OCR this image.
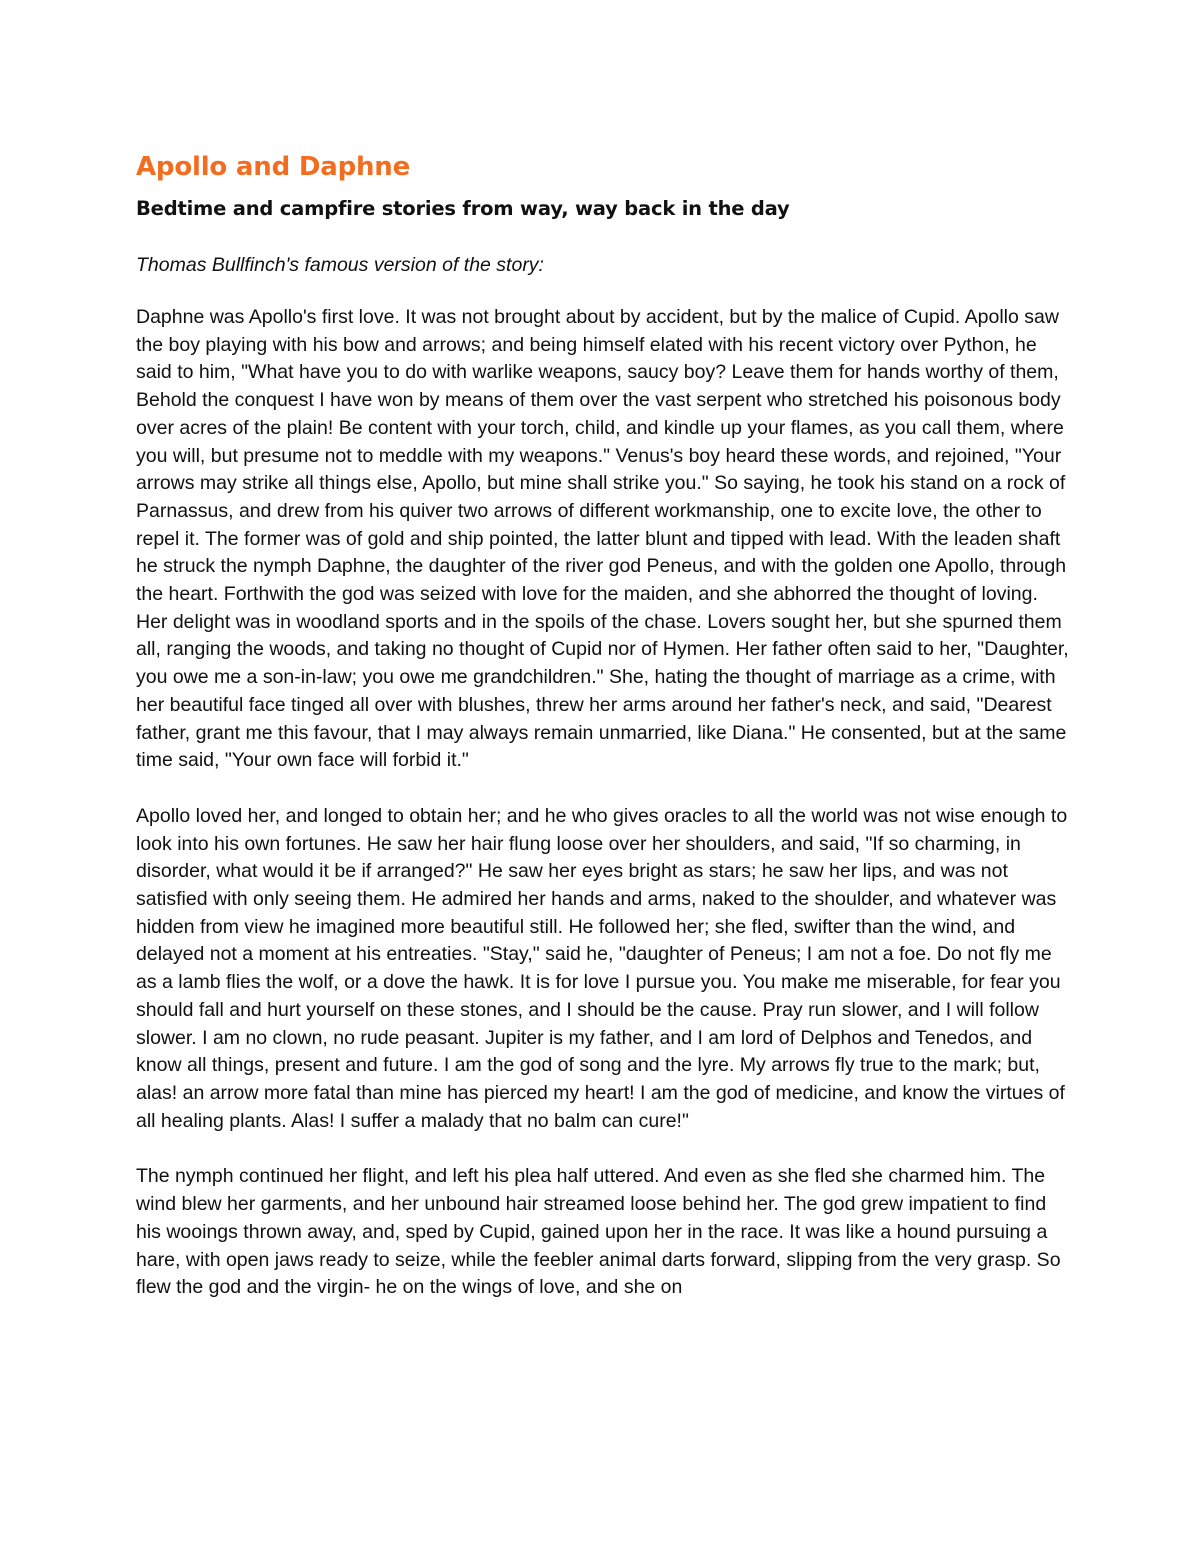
Apollo and Daphne
Bedtime and campfire stories from way, way back in the day

Thomas Bullfinch's famous version of the story:

Daphne was Apollo's first love. It was not brought about by accident, but by the malice of Cupid. Apollo saw the boy playing with his bow and arrows; and being himself elated with his recent victory over Python, he said to him, "What have you to do with warlike weapons, saucy boy? Leave them for hands worthy of them, Behold the conquest I have won by means of them over the vast serpent who stretched his poisonous body over acres of the plain! Be content with your torch, child, and kindle up your flames, as you call them, where you will, but presume not to meddle with my weapons." Venus's boy heard these words, and rejoined, "Your arrows may strike all things else, Apollo, but mine shall strike you." So saying, he took his stand on a rock of Parnassus, and drew from his quiver two arrows of different workmanship, one to excite love, the other to repel it. The former was of gold and ship pointed, the latter blunt and tipped with lead. With the leaden shaft he struck the nymph Daphne, the daughter of the river god Peneus, and with the golden one Apollo, through the heart. Forthwith the god was seized with love for the maiden, and she abhorred the thought of loving. Her delight was in woodland sports and in the spoils of the chase. Lovers sought her, but she spurned them all, ranging the woods, and taking no thought of Cupid nor of Hymen. Her father often said to her, "Daughter, you owe me a son-in-law; you owe me grandchildren." She, hating the thought of marriage as a crime, with her beautiful face tinged all over with blushes, threw her arms around her father's neck, and said, "Dearest father, grant me this favour, that I may always remain unmarried, like Diana." He consented, but at the same time said, "Your own face will forbid it."

Apollo loved her, and longed to obtain her; and he who gives oracles to all the world was not wise enough to look into his own fortunes. He saw her hair flung loose over her shoulders, and said, "If so charming, in disorder, what would it be if arranged?" He saw her eyes bright as stars; he saw her lips, and was not satisfied with only seeing them. He admired her hands and arms, naked to the shoulder, and whatever was hidden from view he imagined more beautiful still. He followed her; she fled, swifter than the wind, and delayed not a moment at his entreaties. "Stay," said he, "daughter of Peneus; I am not a foe. Do not fly me as a lamb flies the wolf, or a dove the hawk. It is for love I pursue you. You make me miserable, for fear you should fall and hurt yourself on these stones, and I should be the cause. Pray run slower, and I will follow slower. I am no clown, no rude peasant. Jupiter is my father, and I am lord of Delphos and Tenedos, and know all things, present and future. I am the god of song and the lyre. My arrows fly true to the mark; but, alas! an arrow more fatal than mine has pierced my heart! I am the god of medicine, and know the virtues of all healing plants. Alas! I suffer a malady that no balm can cure!"

The nymph continued her flight, and left his plea half uttered. And even as she fled she charmed him. The wind blew her garments, and her unbound hair streamed loose behind her. The god grew impatient to find his wooings thrown away, and, sped by Cupid, gained upon her in the race. It was like a hound pursuing a hare, with open jaws ready to seize, while the feebler animal darts forward, slipping from the very grasp. So flew the god and the virgin- he on the wings of love, and she on
